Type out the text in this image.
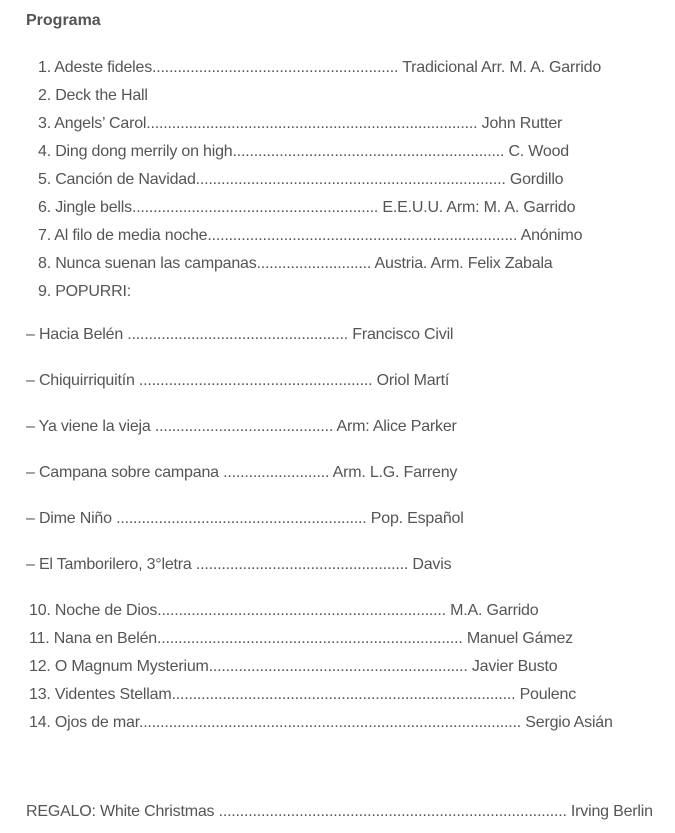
Programa
1. Adeste fideles.......................................................... Tradicional Arr. M. A. Garrido
2. Deck the Hall
3. Angels’ Carol.............................................................................. John Rutter
4. Ding dong merrily on high................................................................ C. Wood
5. Canción de Navidad......................................................................... Gordillo
6. Jingle bells.......................................................... E.E.U.U. Arm: M. A. Garrido
7. Al filo de media noche......................................................................... Anónimo
8. Nunca suenan las campanas........................... Austria. Arm. Felix Zabala
9. POPURRI:
– Hacia Belén .................................................... Francisco Civil
– Chiquirriquitín ....................................................... Oriol Martí
– Ya viene la vieja .......................................... Arm: Alice Parker
– Campana sobre campana ......................... Arm. L.G. Farreny
– Dime Niño ........................................................... Pop. Español
– El Tamborilero, 3°letra .................................................. Davis
10. Noche de Dios.................................................................... M.A. Garrido
11. Nana en Belén........................................................................ Manuel Gámez
12. O Magnum Mysterium............................................................. Javier Busto
13. Videntes Stellam................................................................................. Poulenc
14. Ojos de mar.......................................................................................... Sergio Asián
REGALO: White Christmas .................................................................................. Irving Berlin
